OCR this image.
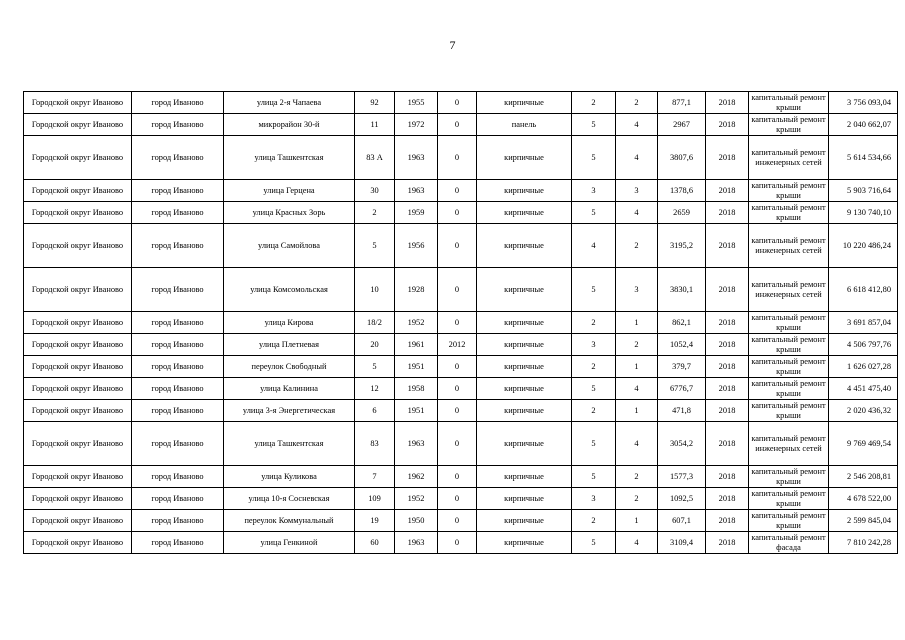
7
Городской округ Иваново	город Иваново	улица 2-я Чапаева	92	1955	0	кирпичные	2	2	877,1	2018	капитальный ремонт крыши	3 756 093,04
Городской округ Иваново	город Иваново	микрорайон 30-й	11	1972	0	панель	5	4	2967	2018	капитальный ремонт крыши	2 040 662,07
Городской округ Иваново	город Иваново	улица Ташкентская	83 А	1963	0	кирпичные	5	4	3807,6	2018	капитальный ремонт инженерных сетей	5 614 534,66
Городской округ Иваново	город Иваново	улица Герцена	30	1963	0	кирпичные	3	3	1378,6	2018	капитальный ремонт крыши	5 903 716,64
Городской округ Иваново	город Иваново	улица Красных Зорь	2	1959	0	кирпичные	5	4	2659	2018	капитальный ремонт крыши	9 130 740,10
Городской округ Иваново	город Иваново	улица Самойлова	5	1956	0	кирпичные	4	2	3195,2	2018	капитальный ремонт инженерных сетей	10 220 486,24
Городской округ Иваново	город Иваново	улица Комсомольская	10	1928	0	кирпичные	5	3	3830,1	2018	капитальный ремонт инженерных сетей	6 618 412,80
Городской округ Иваново	город Иваново	улица Кирова	18/2	1952	0	кирпичные	2	1	862,1	2018	капитальный ремонт крыши	3 691 857,04
Городской округ Иваново	город Иваново	улица Плетневая	20	1961	2012	кирпичные	3	2	1052,4	2018	капитальный ремонт крыши	4 506 797,76
Городской округ Иваново	город Иваново	переулок Свободный	5	1951	0	кирпичные	2	1	379,7	2018	капитальный ремонт крыши	1 626 027,28
Городской округ Иваново	город Иваново	улица Калинина	12	1958	0	кирпичные	5	4	6776,7	2018	капитальный ремонт крыши	4 451 475,40
Городской округ Иваново	город Иваново	улица 3-я Энергетическая	6	1951	0	кирпичные	2	1	471,8	2018	капитальный ремонт крыши	2 020 436,32
Городской округ Иваново	город Иваново	улица Ташкентская	83	1963	0	кирпичные	5	4	3054,2	2018	капитальный ремонт инженерных сетей	9 769 469,54
Городской округ Иваново	город Иваново	улица Куликова	7	1962	0	кирпичные	5	2	1577,3	2018	капитальный ремонт крыши	2 546 208,81
Городской округ Иваново	город Иваново	улица 10-я Сосневская	109	1952	0	кирпичные	3	2	1092,5	2018	капитальный ремонт крыши	4 678 522,00
Городской округ Иваново	город Иваново	переулок Коммунальный	19	1950	0	кирпичные	2	1	607,1	2018	капитальный ремонт крыши	2 599 845,04
Городской округ Иваново	город Иваново	улица Генкиной	60	1963	0	кирпичные	5	4	3109,4	2018	капитальный ремонт фасада	7 810 242,28
